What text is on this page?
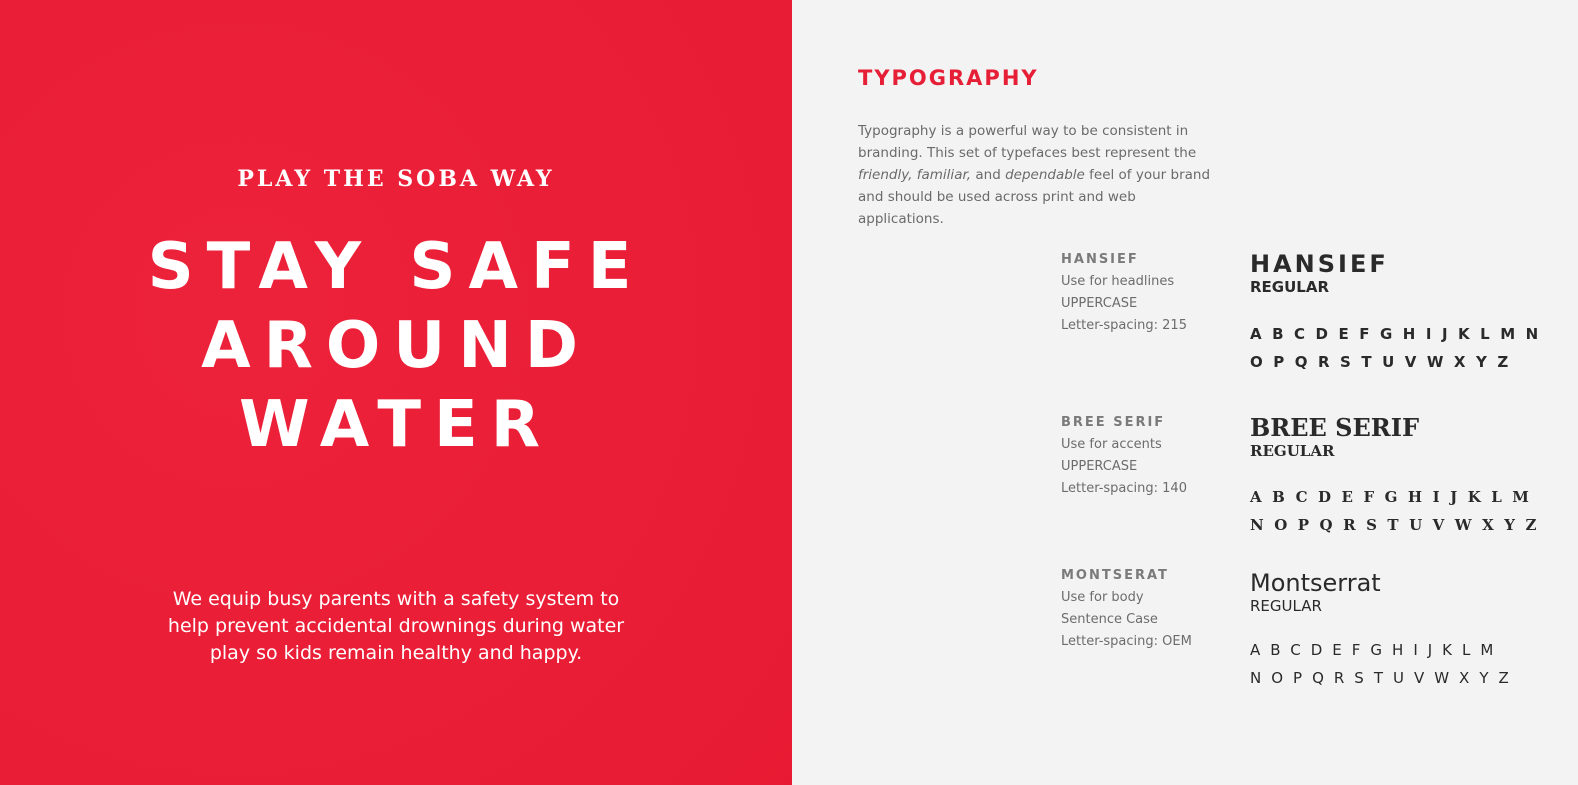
PLAY THE SOBA WAY
STAY SAFE
AROUND
WATER
We equip busy parents with a safety system to help prevent accidental drownings during water play so kids remain healthy and happy.
TYPOGRAPHY
Typography is a powerful way to be consistent in branding. This set of typefaces best represent the friendly, familiar, and dependable feel of your brand and should be used across print and web applications.
HANSIEF
Use for headlines
UPPERCASE
Letter-spacing: 215
HANSIEF
REGULAR
ABCDEFGHIJKLMN
OPQRSTUVWXYZ
BREE SERIF
Use for accents
UPPERCASE
Letter-spacing: 140
BREE SERIF
REGULAR
ABCDEFGHIJKLM
NOPQRSTUVWXYZ
MONTSERAT
Use for body
Sentence Case
Letter-spacing: OEM
Montserrat
REGULAR
ABCDEFGHIJKLM
NOPQRSTUVWXYZ
